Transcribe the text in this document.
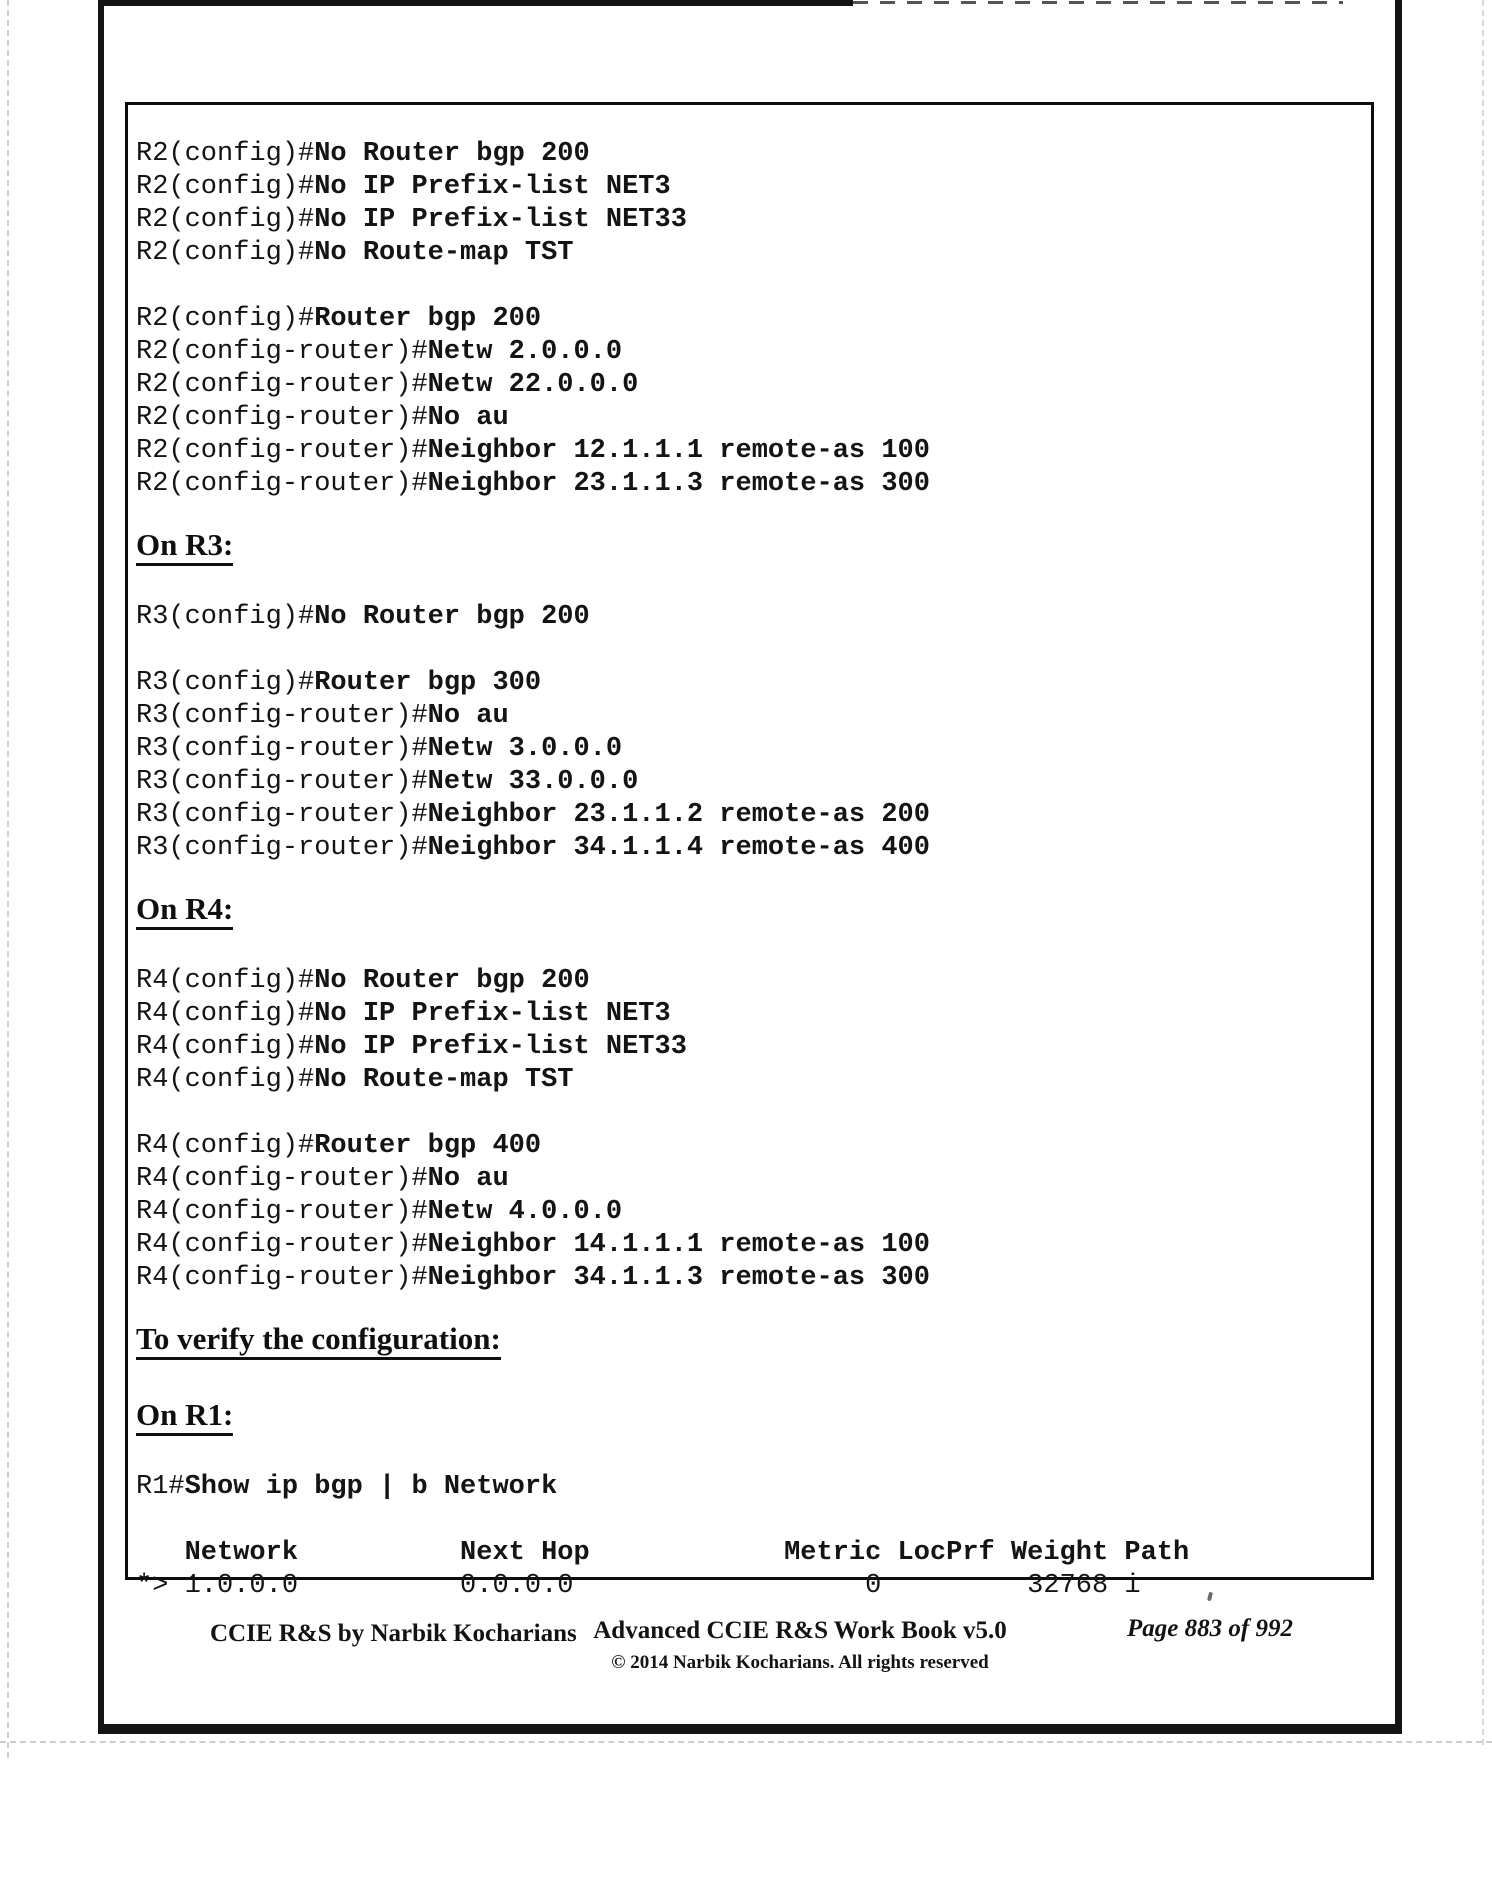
R2(config)#No Router bgp 200
R2(config)#No IP Prefix-list NET3
R2(config)#No IP Prefix-list NET33
R2(config)#No Route-map TST

R2(config)#Router bgp 200
R2(config-router)#Netw 2.0.0.0
R2(config-router)#Netw 22.0.0.0
R2(config-router)#No au
R2(config-router)#Neighbor 12.1.1.1 remote-as 100
R2(config-router)#Neighbor 23.1.1.3 remote-as 300
On R3:
R3(config)#No Router bgp 200

R3(config)#Router bgp 300
R3(config-router)#No au
R3(config-router)#Netw 3.0.0.0
R3(config-router)#Netw 33.0.0.0
R3(config-router)#Neighbor 23.1.1.2 remote-as 200
R3(config-router)#Neighbor 34.1.1.4 remote-as 400
On R4:
R4(config)#No Router bgp 200
R4(config)#No IP Prefix-list NET3
R4(config)#No IP Prefix-list NET33
R4(config)#No Route-map TST

R4(config)#Router bgp 400
R4(config-router)#No au
R4(config-router)#Netw 4.0.0.0
R4(config-router)#Neighbor 14.1.1.1 remote-as 100
R4(config-router)#Neighbor 34.1.1.3 remote-as 300
To verify the configuration:
On R1:
R1#Show ip bgp | b Network

Network          Next Hop            Metric LocPrf Weight Path
*> 1.0.0.0          0.0.0.0                  0         32768 i
CCIE R&S by Narbik Kocharians Advanced CCIE R&S Work Book v5.0
© 2014 Narbik Kocharians. All rights reserved
Page 883 of 992
